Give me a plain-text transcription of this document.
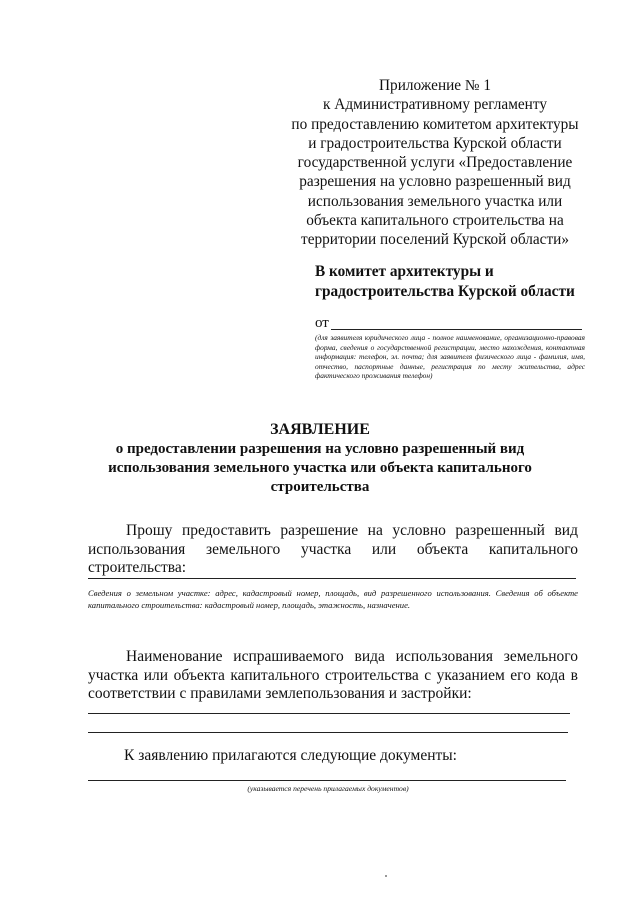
Приложение № 1
к Административному регламенту
по предоставлению комитетом архитектуры
и градостроительства Курской области
государственной услуги «Предоставление
разрешения на условно разрешенный вид
использования земельного участка или
объекта капитального строительства на
территории поселений Курской области»
В комитет архитектуры и
градостроительства Курской области
от
(для заявителя юридического лица - полное наименование, организационно-правовая форма, сведения о государственной регистрации, место нахождения, контактная информация: телефон, эл. почта; для заявителя физического лица - фамилия, имя, отчество, паспортные данные, регистрация по месту жительства, адрес фактического проживания телефон)
ЗАЯВЛЕНИЕ
о предоставлении разрешения на условно разрешенный вид
использования земельного участка или объекта капитального
строительства
Прошу предоставить разрешение на условно разрешенный вид
использования земельного участка или объекта капитального
строительства:
Сведения о земельном участке: адрес, кадастровый номер, площадь, вид разрешенного использования. Сведения об объекте капитального строительства: кадастровый номер, площадь, этажность, назначение.
Наименование испрашиваемого вида использования земельного
участка или объекта капитального строительства с указанием его кода в
соответствии с правилами землепользования и застройки:
К заявлению прилагаются следующие документы:
(указывается перечень прилагаемых документов)
